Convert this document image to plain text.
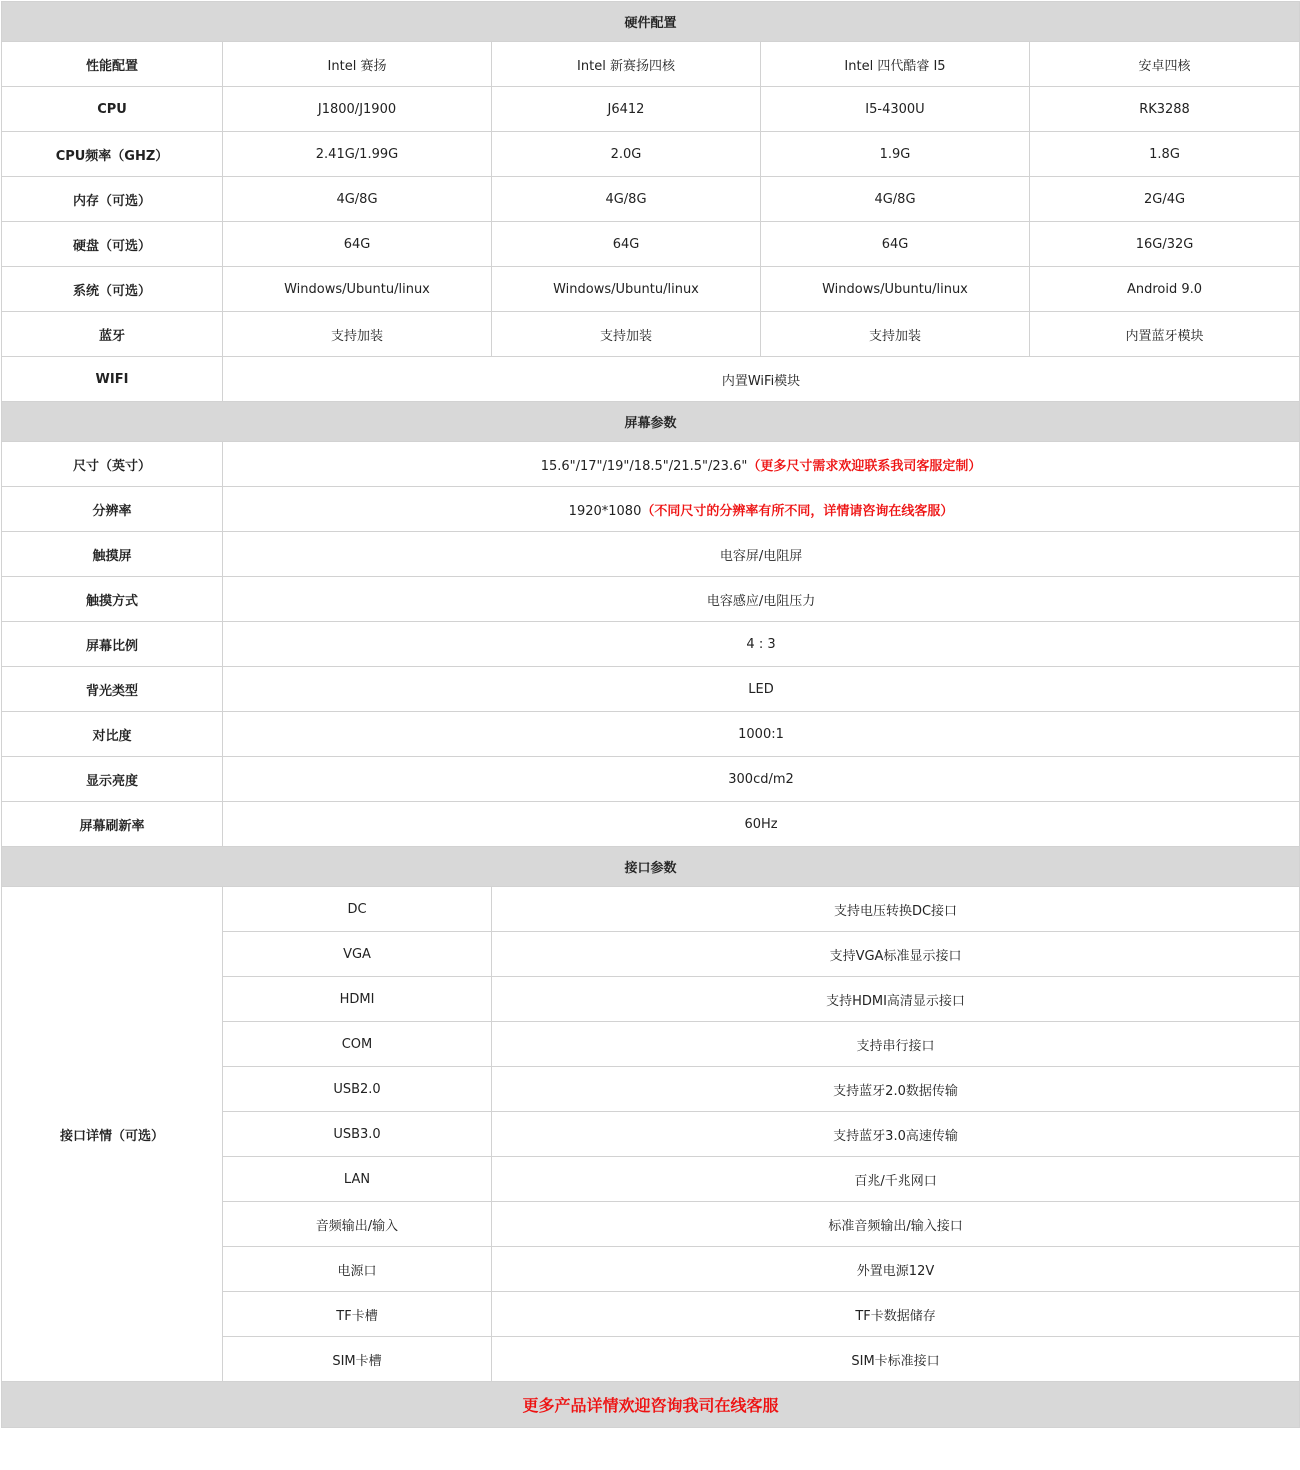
硬件配置				
性能配置	Intel 赛扬	Intel 新赛扬四核	Intel 四代酷睿 I5	安卓四核
CPU	J1800/J1900	J6412	I5-4300U	RK3288
CPU频率（GHZ）	2.41G/1.99G	2.0G	1.9G	1.8G
内存（可选）	4G/8G	4G/8G	4G/8G	2G/4G
硬盘（可选）	64G	64G	64G	16G/32G
系统（可选）	Windows/Ubuntu/linux	Windows/Ubuntu/linux	Windows/Ubuntu/linux	Android 9.0
蓝牙	支持加装	支持加装	支持加装	内置蓝牙模块
WIFI	内置WiFi模块			
屏幕参数				
尺寸（英寸）	15.6"/17"/19"/18.5"/21.5"/23.6"（更多尺寸需求欢迎联系我司客服定制）			
分辨率	1920*1080（不同尺寸的分辨率有所不同，详情请咨询在线客服）			
触摸屏	电容屏/电阻屏			
触摸方式	电容感应/电阻压力			
屏幕比例	4 : 3			
背光类型	LED			
对比度	1000:1			
显示亮度	300cd/m2			
屏幕刷新率	60Hz			
接口参数				
接口详情（可选）	DC	支持电压转换DC接口		
	VGA	支持VGA标准显示接口		
	HDMI	支持HDMI高清显示接口		
	COM	支持串行接口		
	USB2.0	支持蓝牙2.0数据传输		
	USB3.0	支持蓝牙3.0高速传输		
	LAN	百兆/千兆网口		
	音频输出/输入	标准音频输出/输入接口		
	电源口	外置电源12V		
	TF卡槽	TF卡数据储存		
	SIM卡槽	SIM卡标准接口		
更多产品详情欢迎咨询我司在线客服				
